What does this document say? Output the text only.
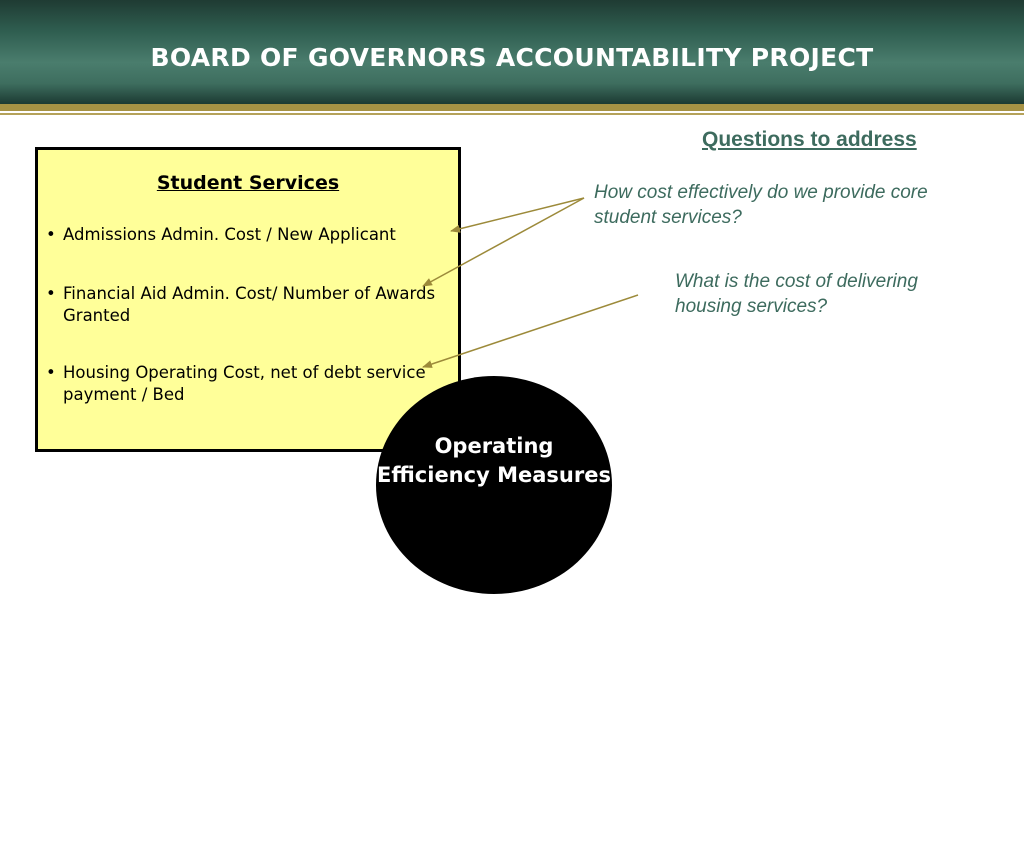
BOARD OF GOVERNORS ACCOUNTABILITY PROJECT
Questions to address
How cost effectively do we provide core student services?
What is the cost of delivering housing services?
Student Services
• Admissions Admin. Cost / New Applicant
• Financial Aid Admin. Cost/ Number of Awards Granted
• Housing Operating Cost, net of debt service payment / Bed
Operating Efficiency Measures
